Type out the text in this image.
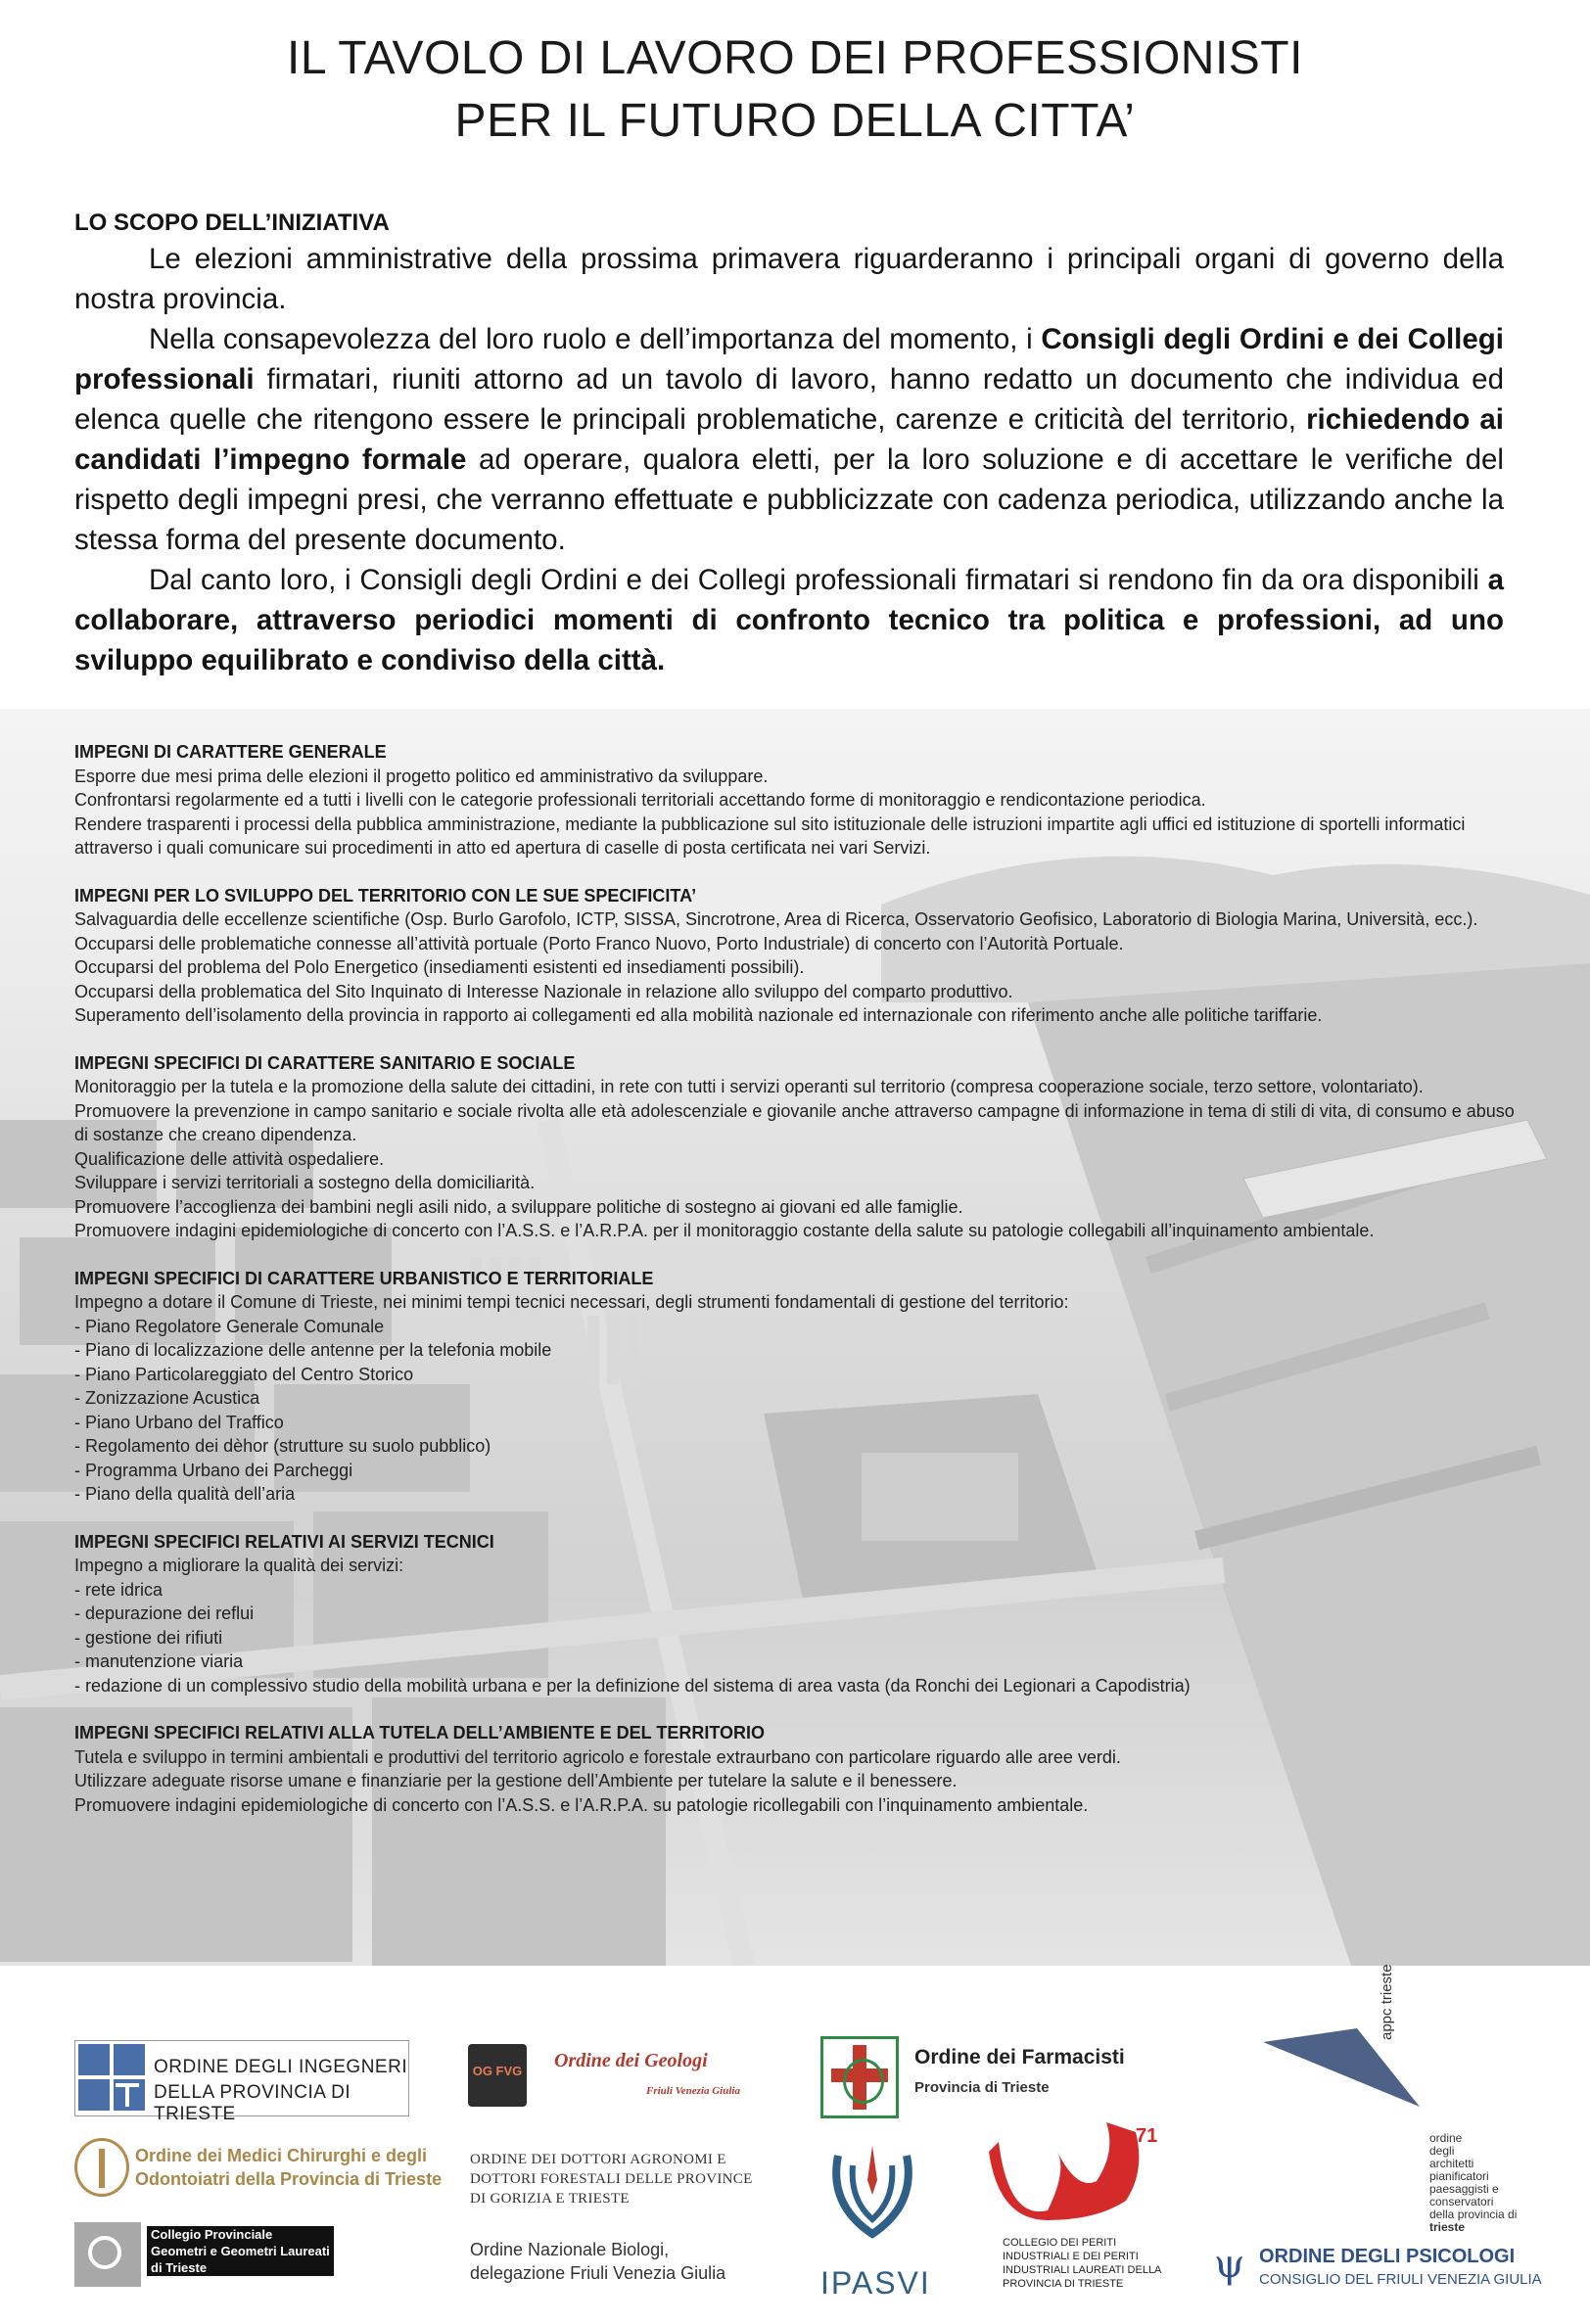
IL TAVOLO DI LAVORO DEI PROFESSIONISTI
PER IL FUTURO DELLA CITTA’
LO SCOPO DELL’INIZIATIVA

Le elezioni amministrative della prossima primavera riguarderanno i principali organi di governo della nostra provincia.

Nella consapevolezza del loro ruolo e dell’importanza del momento, i Consigli degli Ordini e dei Collegi professionali firmatari, riuniti attorno ad un tavolo di lavoro, hanno redatto un documento che individua ed elenca quelle che ritengono essere le principali problematiche, carenze e criticità del territorio, richiedendo ai candidati l’impegno formale ad operare, qualora eletti, per la loro soluzione e di accettare le verifiche del rispetto degli impegni presi, che verranno effettuate e pubblicizzate con cadenza periodica, utilizzando anche la stessa forma del presente documento.

Dal canto loro, i Consigli degli Ordini e dei Collegi professionali firmatari si rendono fin da ora disponibili a collaborare, attraverso periodici momenti di confronto tecnico tra politica e professioni, ad uno sviluppo equilibrato e condiviso della città.

IMPEGNI DI CARATTERE GENERALE
Esporre due mesi prima delle elezioni il progetto politico ed amministrativo da sviluppare.
Confrontarsi regolarmente ed a tutti i livelli con le categorie professionali territoriali accettando forme di monitoraggio e rendicontazione periodica.
Rendere trasparenti i processi della pubblica amministrazione, mediante la pubblicazione sul sito istituzionale delle istruzioni impartite agli uffici ed istituzione di sportelli informatici attraverso i quali comunicare sui procedimenti in atto ed apertura di caselle di posta certificata nei vari Servizi.
IMPEGNI PER LO SVILUPPO DEL TERRITORIO CON LE SUE SPECIFICITA’
Salvaguardia delle eccellenze scientifiche (Osp. Burlo Garofolo, ICTP, SISSA, Sincrotrone, Area di Ricerca, Osservatorio Geofisico, Laboratorio di Biologia Marina, Università, ecc.).
Occuparsi delle problematiche connesse all’attività portuale (Porto Franco Nuovo, Porto Industriale) di concerto con l’Autorità Portuale.
Occuparsi del problema del Polo Energetico (insediamenti esistenti ed insediamenti possibili).
Occuparsi della problematica del Sito Inquinato di Interesse Nazionale in relazione allo sviluppo del comparto produttivo.
Superamento dell’isolamento della provincia in rapporto ai collegamenti ed alla mobilità nazionale ed internazionale con riferimento anche alle politiche tariffarie.
IMPEGNI SPECIFICI DI CARATTERE SANITARIO E SOCIALE
Monitoraggio per la tutela e la promozione della salute dei cittadini, in rete con tutti i servizi operanti sul territorio (compresa cooperazione sociale, terzo settore, volontariato).
Promuovere la prevenzione in campo sanitario e sociale rivolta alle età adolescenziale e giovanile anche attraverso campagne di informazione in tema di stili di vita, di consumo e abuso di sostanze che creano dipendenza.
Qualificazione delle attività ospedaliere.
Sviluppare i servizi territoriali a sostegno della domiciliarità.
Promuovere l’accoglienza dei bambini negli asili nido, a sviluppare politiche di sostegno ai giovani ed alle famiglie.
Promuovere indagini epidemiologiche di concerto con l’A.S.S. e l’A.R.P.A. per il monitoraggio costante della salute su patologie collegabili all’inquinamento ambientale.
IMPEGNI SPECIFICI DI CARATTERE URBANISTICO E TERRITORIALE
Impegno a dotare il Comune di Trieste, nei minimi tempi tecnici necessari, degli strumenti fondamentali di gestione del territorio:
- Piano Regolatore Generale Comunale
- Piano di localizzazione delle antenne per la telefonia mobile
- Piano Particolareggiato del Centro Storico
- Zonizzazione Acustica
- Piano Urbano del Traffico
- Regolamento dei dèhor (strutture su suolo pubblico)
- Programma Urbano dei Parcheggi
- Piano della qualità dell’aria
IMPEGNI SPECIFICI RELATIVI AI SERVIZI TECNICI
Impegno a migliorare la qualità dei servizi:
- rete idrica
- depurazione dei reflui
- gestione dei rifiuti
- manutenzione viaria
- redazione di un complessivo studio della mobilità urbana e per la definizione del sistema di area vasta (da Ronchi dei Legionari a Capodistria)
IMPEGNI SPECIFICI RELATIVI ALLA TUTELA DELL’AMBIENTE E DEL TERRITORIO
Tutela e sviluppo in termini ambientali e produttivi del territorio agricolo e forestale extraurbano con particolare riguardo alle aree verdi.
Utilizzare adeguate risorse umane e finanziarie per la gestione dell’Ambiente per tutelare la salute e il benessere.
Promuovere indagini epidemiologiche di concerto con l’A.S.S. e l’A.R.P.A. su patologie ricollegabili con l’inquinamento ambientale.
ORDINE DEGLI INGEGNERI
DELLA PROVINCIA DI TRIESTE
OG FVG Ordine dei Geologi
Friuli Venezia Giulia
Ordine dei Farmacisti
Provincia di Trieste
appc trieste
ordine
degli
architetti
pianificatori
paesaggisti e
conservatori
della provincia di
trieste
Ordine dei Medici Chirurghi e degli
Odontoiatri della Provincia di Trieste
ORDINE DEI DOTTORI AGRONOMI E
DOTTORI FORESTALI DELLE PROVINCE
DI GORIZIA E TRIESTE
Collegio Provinciale
Geometri e Geometri Laureati
di Trieste
Ordine Nazionale Biologi,
delegazione Friuli Venezia Giulia	IPASVI
71
COLLEGIO DEI PERITI
INDUSTRIALI E DEI PERITI
INDUSTRIALI LAUREATI DELLA
PROVINCIA DI TRIESTE	ψ ORDINE DEGLI PSICOLOGI
CONSIGLIO DEL FRIULI VENEZIA GIULIA
